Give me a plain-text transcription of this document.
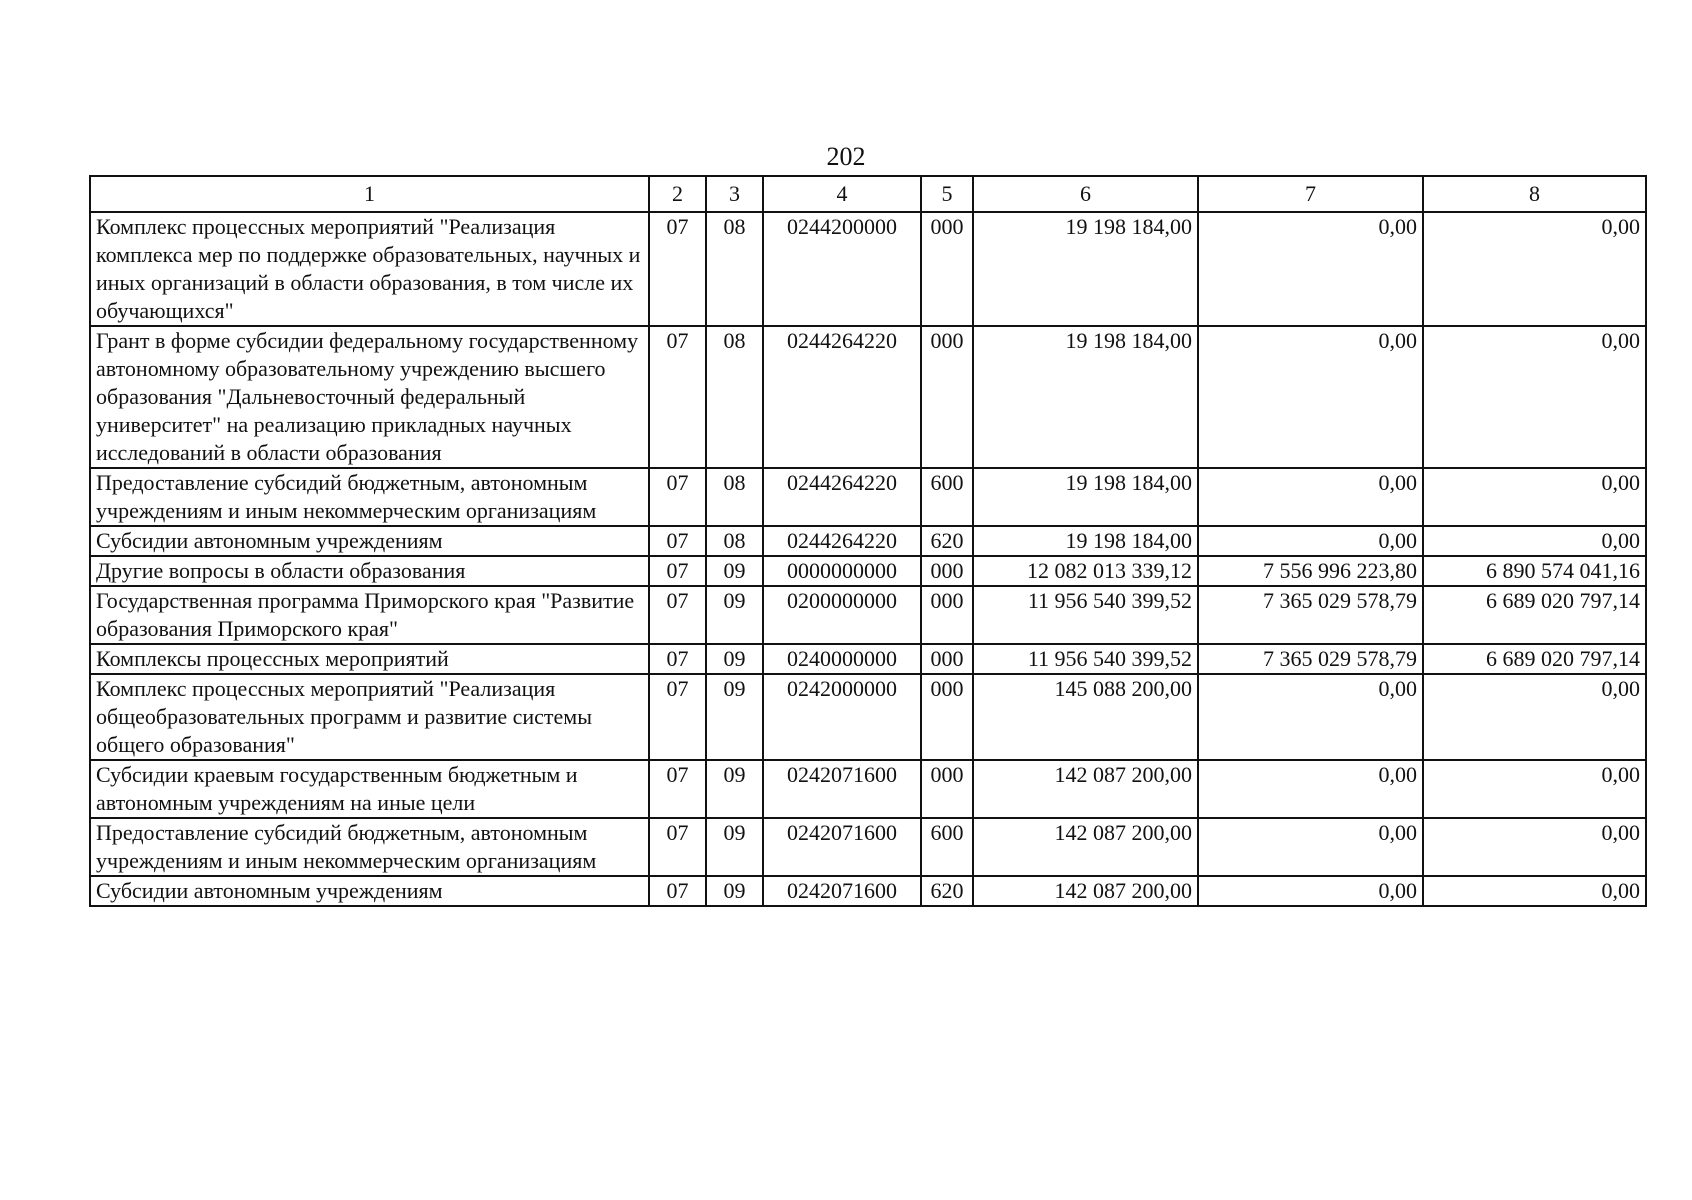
202
1	2	3	4	5	6	7	8
Комплекс процессных мероприятий "Реализация комплекса мер по поддержке образовательных, научных и иных организаций в области образования, в том числе их обучающихся"	07	08	0244200000	000	19 198 184,00	0,00	0,00
Грант в форме субсидии федеральному государственному автономному образовательному учреждению высшего образования "Дальневосточный федеральный университет" на реализацию прикладных научных исследований в области образования	07	08	0244264220	000	19 198 184,00	0,00	0,00
Предоставление субсидий бюджетным, автономным учреждениям и иным некоммерческим организациям	07	08	0244264220	600	19 198 184,00	0,00	0,00
Субсидии автономным учреждениям	07	08	0244264220	620	19 198 184,00	0,00	0,00
Другие вопросы в области образования	07	09	0000000000	000	12 082 013 339,12	7 556 996 223,80	6 890 574 041,16
Государственная программа Приморского края "Развитие образования Приморского края"	07	09	0200000000	000	11 956 540 399,52	7 365 029 578,79	6 689 020 797,14
Комплексы процессных мероприятий	07	09	0240000000	000	11 956 540 399,52	7 365 029 578,79	6 689 020 797,14
Комплекс процессных мероприятий "Реализация общеобразовательных программ и развитие системы общего образования"	07	09	0242000000	000	145 088 200,00	0,00	0,00
Субсидии краевым государственным бюджетным и автономным учреждениям на иные цели	07	09	0242071600	000	142 087 200,00	0,00	0,00
Предоставление субсидий бюджетным, автономным учреждениям и иным некоммерческим организациям	07	09	0242071600	600	142 087 200,00	0,00	0,00
Субсидии автономным учреждениям	07	09	0242071600	620	142 087 200,00	0,00	0,00
